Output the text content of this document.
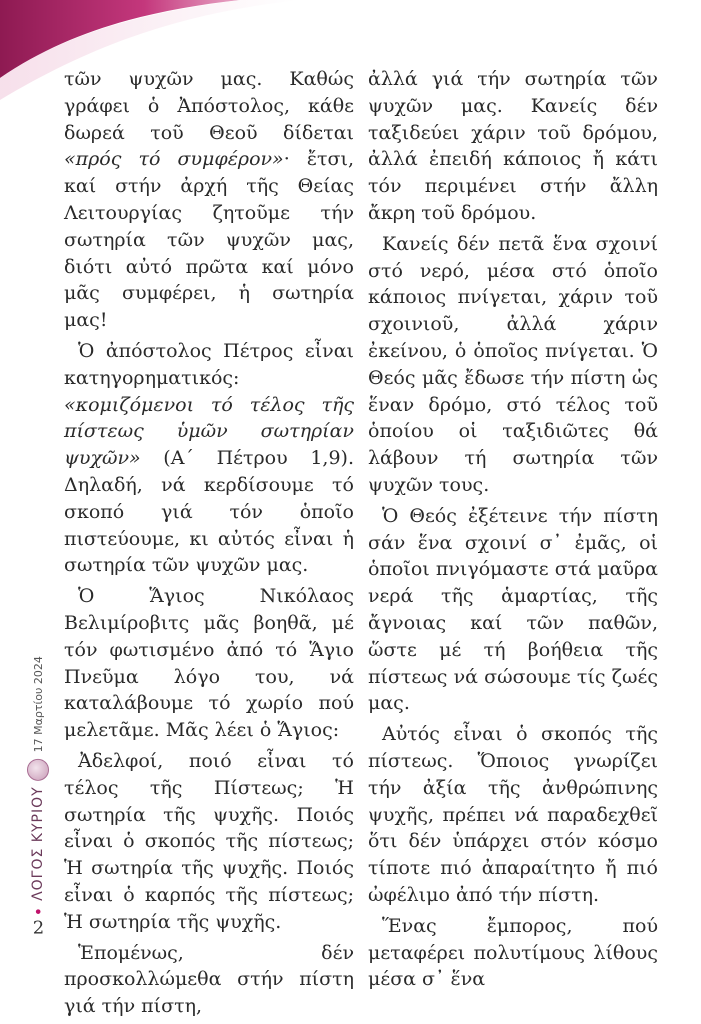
2
•
ΛΟΓΟΣ ΚΥΡΙΟΥ
17 Μαρτίου 2024

τῶν ψυχῶν μας. Καθώς γράφει ὁ Ἀπόστολος, κάθε δωρεά τοῦ Θεοῦ δίδεται «πρός τό συμφέρον»· ἔτσι, καί στήν ἀρχή τῆς Θείας Λειτουργίας ζητοῦμε τήν σωτηρία τῶν ψυχῶν μας, διότι αὐτό πρῶτα καί μόνο μᾶς συμφέρει, ἡ σωτηρία μας!

Ὁ ἀπόστολος Πέτρος εἶναι κατηγορηματικός: «κομιζόμενοι τό τέλος τῆς πίστεως ὑμῶν σωτηρίαν ψυχῶν» (Α΄ Πέτρου 1,9). Δηλαδή, νά κερδίσουμε τό σκοπό γιά τόν ὁποῖο πιστεύουμε, κι αὐτός εἶναι ἡ σωτηρία τῶν ψυχῶν μας.

Ὁ Ἅγιος Νικόλαος Βελιμίροβιτς μᾶς βοηθᾶ, μέ τόν φωτισμένο ἀπό τό Ἅγιο Πνεῦμα λόγο του, νά καταλάβουμε τό χωρίο πού μελετᾶμε. Μᾶς λέει ὁ Ἅγιος:

Ἀδελφοί, ποιό εἶναι τό τέλος τῆς Πίστεως; Ἡ σωτηρία τῆς ψυχῆς. Ποιός εἶναι ὁ σκοπός τῆς πίστεως; Ἡ σωτηρία τῆς ψυχῆς. Ποιός εἶναι ὁ καρπός τῆς πίστεως; Ἡ σωτηρία τῆς ψυχῆς.

Ἑπομένως, δέν προσκολλώμεθα στήν πίστη γιά τήν πίστη,

ἀλλά γιά τήν σωτηρία τῶν ψυχῶν μας. Κανείς δέν ταξιδεύει χάριν τοῦ δρόμου, ἀλλά ἐπειδή κάποιος ἤ κάτι τόν περιμένει στήν ἄλλη ἄκρη τοῦ δρόμου.

Κανείς δέν πετᾶ ἕνα σχοινί στό νερό, μέσα στό ὁποῖο κάποιος πνίγεται, χάριν τοῦ σχοινιοῦ, ἀλλά χάριν ἐκείνου, ὁ ὁποῖος πνίγεται. Ὁ Θεός μᾶς ἔδωσε τήν πίστη ὡς ἕναν δρόμο, στό τέλος τοῦ ὁποίου οἱ ταξιδιῶτες θά λάβουν τή σωτηρία τῶν ψυχῶν τους.

Ὁ Θεός ἐξέτεινε τήν πίστη σάν ἕνα σχοινί σ᾽ ἐμᾶς, οἱ ὁποῖοι πνιγόμαστε στά μαῦρα νερά τῆς ἁμαρτίας, τῆς ἄγνοιας καί τῶν παθῶν, ὥστε μέ τή βοήθεια τῆς πίστεως νά σώσουμε τίς ζωές μας.

Αὐτός εἶναι ὁ σκοπός τῆς πίστεως. Ὅποιος γνωρίζει τήν ἀξία τῆς ἀνθρώπινης ψυχῆς, πρέπει νά παραδεχθεῖ ὅτι δέν ὑπάρχει στόν κόσμο τίποτε πιό ἀπαραίτητο ἤ πιό ὠφέλιμο ἀπό τήν πίστη.

Ἕνας ἔμπορος, πού μεταφέρει πολυτίμους λίθους μέσα σ᾽ ἕνα
